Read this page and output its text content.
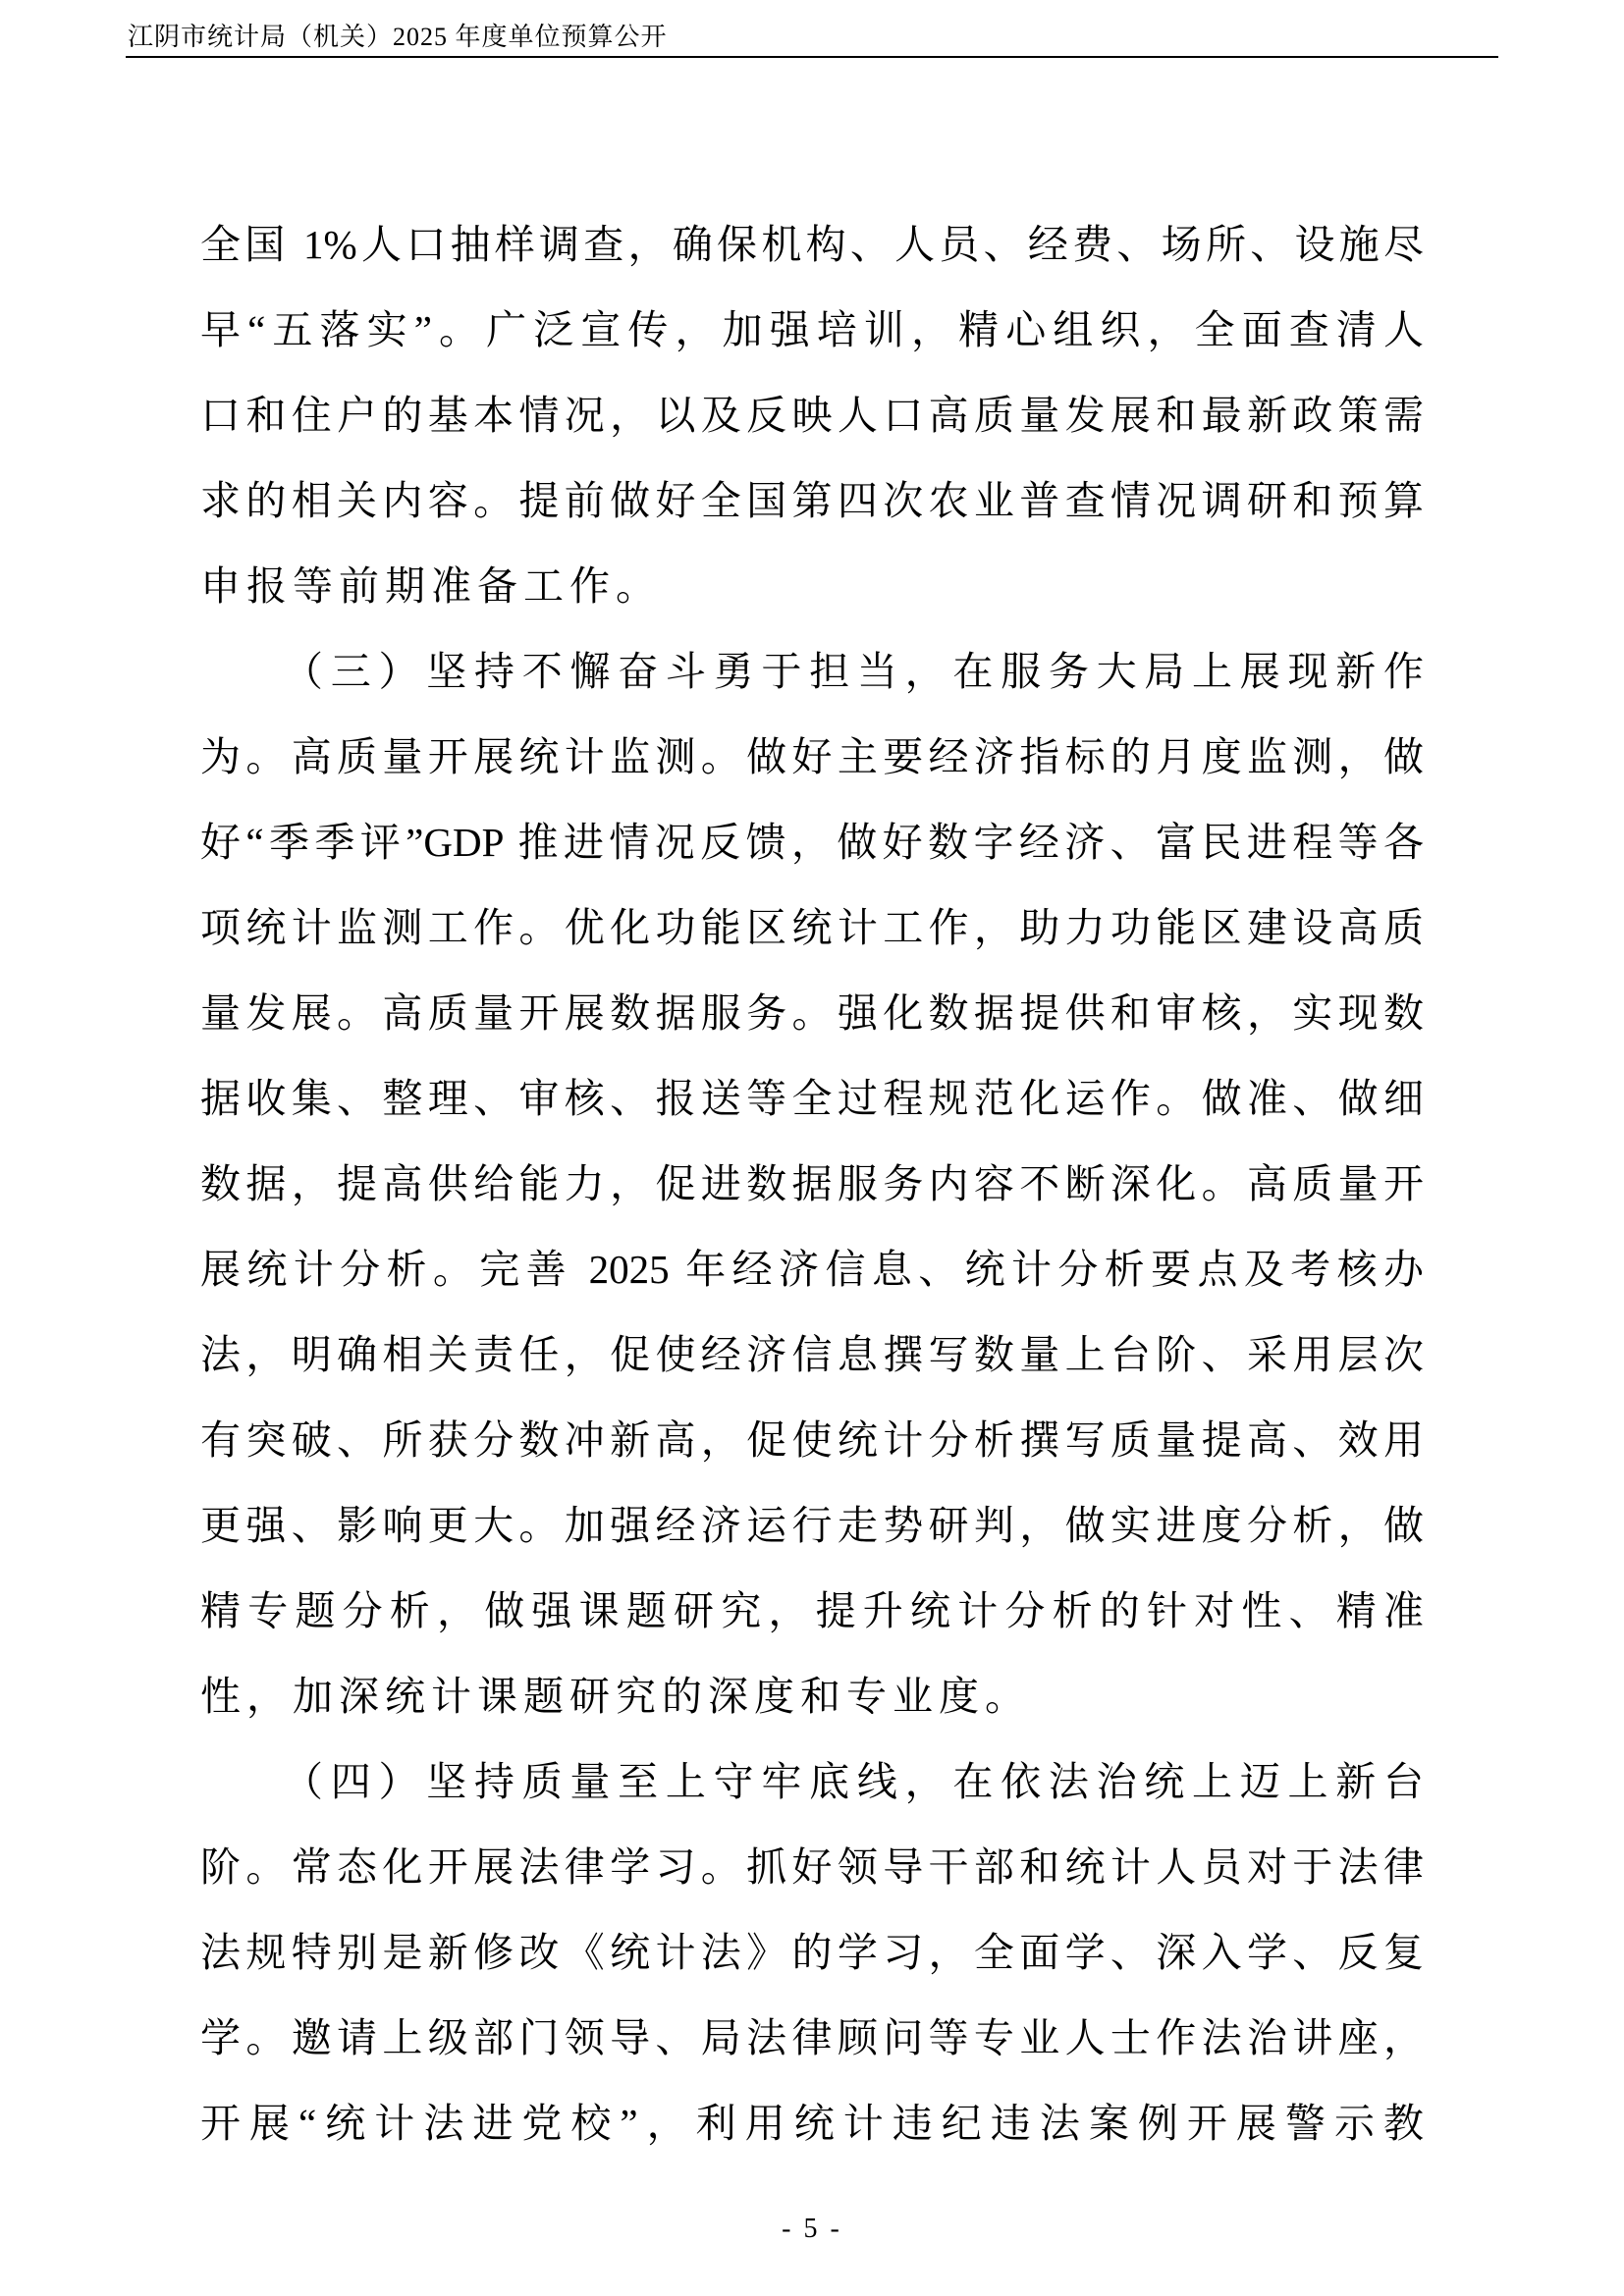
江阴市统计局（机关）2025 年度单位预算公开
全国 1%人口抽样调查，确保机构、人员、经费、场所、设施尽
早“五落实”。广泛宣传，加强培训，精心组织，全面查清人
口和住户的基本情况，以及反映人口高质量发展和最新政策需
求的相关内容。提前做好全国第四次农业普查情况调研和预算
申报等前期准备工作。
（三）坚持不懈奋斗勇于担当，在服务大局上展现新作
为。高质量开展统计监测。做好主要经济指标的月度监测，做
好“季季评”GDP 推进情况反馈，做好数字经济、富民进程等各
项统计监测工作。优化功能区统计工作，助力功能区建设高质
量发展。高质量开展数据服务。强化数据提供和审核，实现数
据收集、整理、审核、报送等全过程规范化运作。做准、做细
数据，提高供给能力，促进数据服务内容不断深化。高质量开
展统计分析。完善 2025 年经济信息、统计分析要点及考核办
法，明确相关责任，促使经济信息撰写数量上台阶、采用层次
有突破、所获分数冲新高，促使统计分析撰写质量提高、效用
更强、影响更大。加强经济运行走势研判，做实进度分析，做
精专题分析，做强课题研究，提升统计分析的针对性、精准
性，加深统计课题研究的深度和专业度。
（四）坚持质量至上守牢底线，在依法治统上迈上新台
阶。常态化开展法律学习。抓好领导干部和统计人员对于法律
法规特别是新修改《统计法》的学习，全面学、深入学、反复
学。邀请上级部门领导、局法律顾问等专业人士作法治讲座，
开展“统计法进党校”，利用统计违纪违法案例开展警示教
- 5 -
